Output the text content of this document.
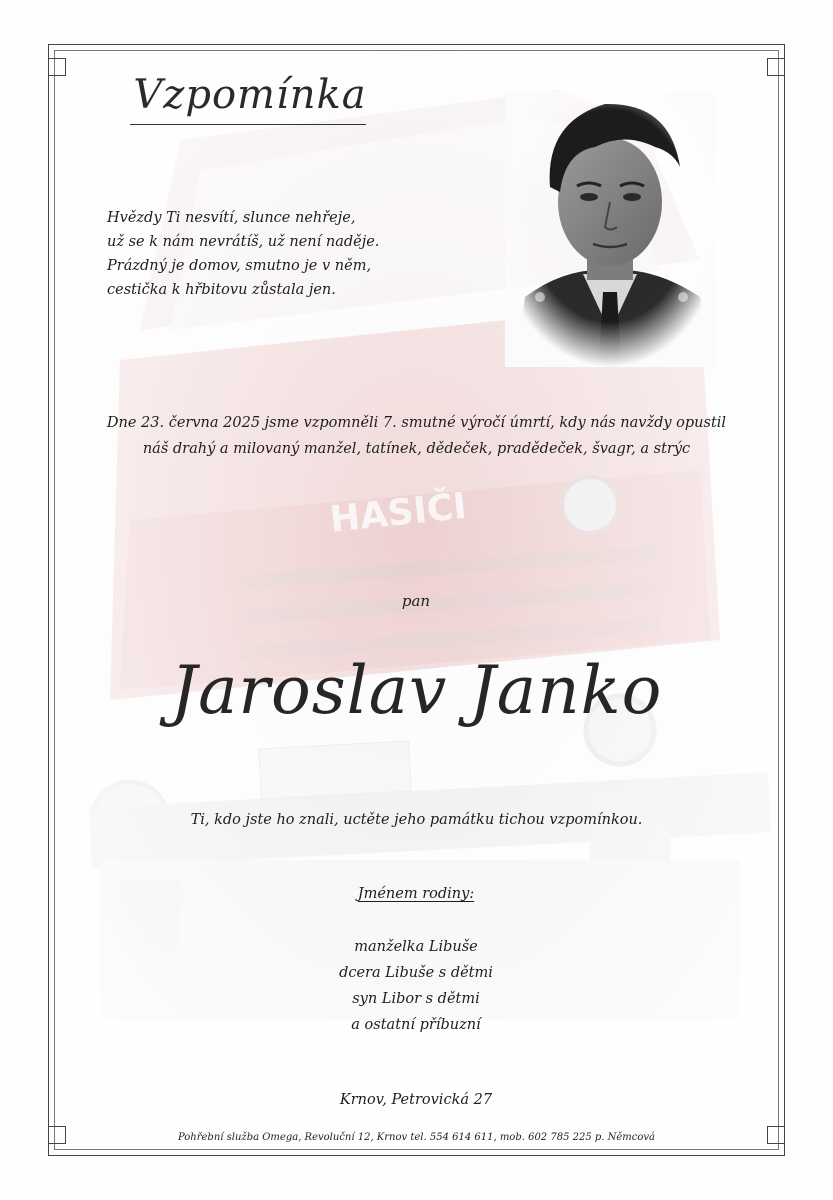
Vzpomínka
Hvězdy Ti nesvítí, slunce nehřeje,
už se k nám nevrátíš, už není naděje.
Prázdný je domov, smutno je v něm,
cestička k hřbitovu zůstala jen.
Dne 23. června 2025 jsme vzpomněli 7. smutné výročí úmrtí, kdy nás navždy opustil
náš drahý a milovaný manžel, tatínek, dědeček, pradědeček, švagr, a strýc
pan
Jaroslav Janko
Ti, kdo jste ho znali, uctěte jeho památku tichou vzpomínkou.
Jménem rodiny:
manželka Libuše
dcera Libuše s dětmi
syn Libor s dětmi
a ostatní příbuzní
Krnov, Petrovická 27
Pohřební služba Omega, Revoluční 12, Krnov tel. 554 614 611, mob. 602 785 225 p. Němcová
